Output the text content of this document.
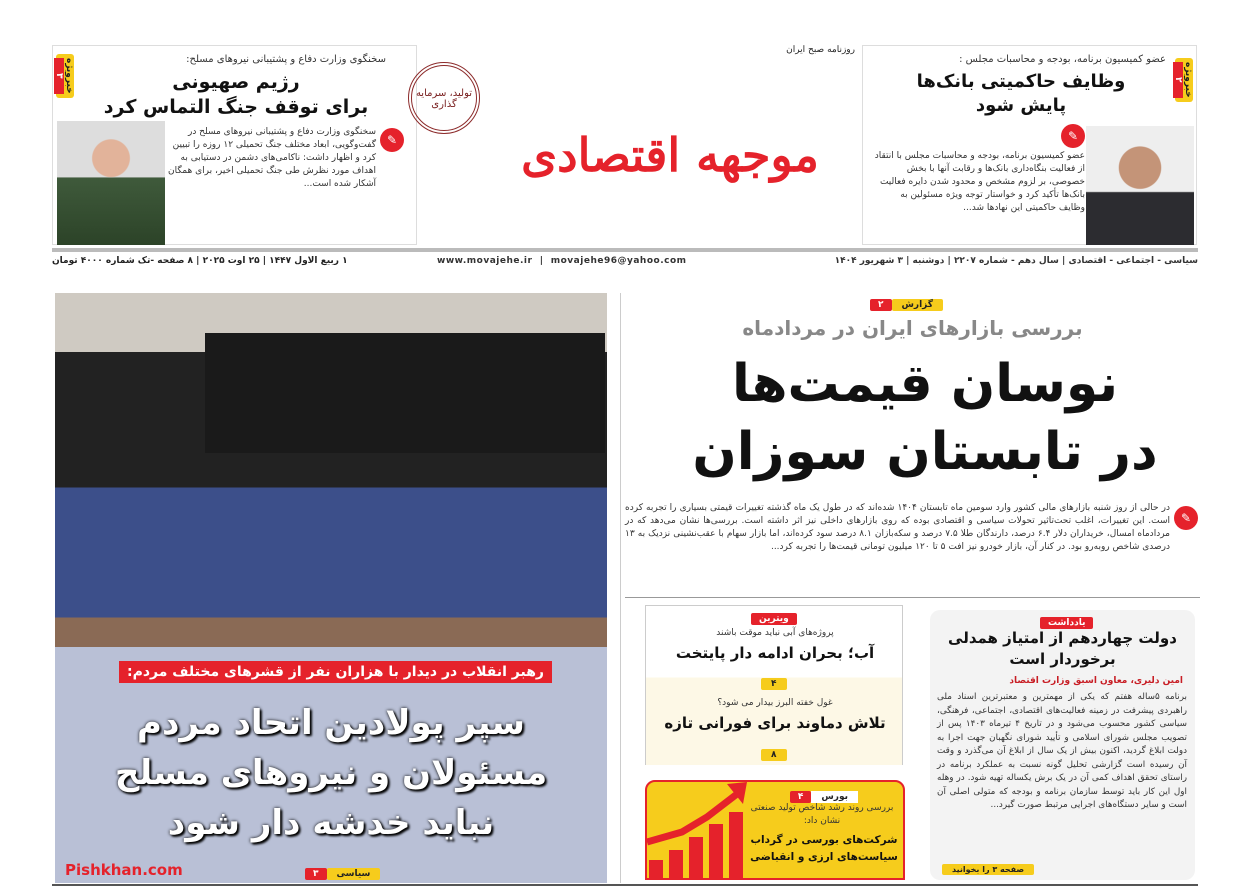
خبرویژه
۳
سخنگوی وزارت دفاع و پشتیبانی نیروهای مسلح:
رژیم صهیونی
برای توقف جنگ التماس کرد
✎
سخنگوی وزارت دفاع و پشتیبانی نیروهای مسلح در گفت‌وگویی، ابعاد مختلف جنگ تحمیلی ۱۲ روزه را تبیین کرد و اظهار داشت: ناکامی‌های دشمن در دستیابی به اهداف مورد نظرش طی جنگ تحمیلی اخیر، برای همگان آشکار شده است...
تولید، سرمایه گذاری
روزنامه صبح ایران
موجهه اقتصادی
خبرویژه
۲
عضو کمیسیون برنامه، بودجه و محاسبات مجلس :
وظایف حاکمیتی بانک‌ها
پایش شود
✎
عضو کمیسیون برنامه، بودجه و محاسبات مجلس با انتقاد از فعالیت بنگاه‌داری بانک‌ها و رقابت آنها با بخش خصوصی، بر لزوم مشخص و محدود شدن دایره فعالیت بانک‌ها تأکید کرد و خواستار توجه ویژه مسئولین به وظایف حاکمیتی این نهادها شد...
سیاسی - اجتماعی - اقتصادی | سال دهم - شماره ۲۲۰۷ | دوشنبه | ۳ شهریور ۱۴۰۴
www.movajehe.ir  |  movajehe96@yahoo.com
۱ ربیع الاول ۱۴۴۷ | ۲۵ اوت ۲۰۲۵ | ۸ صفحه -تک شماره ۴۰۰۰ تومان
رهبر انقلاب در دیدار با هزاران نفر از قشرهای مختلف مردم:
سپر پولادین اتحاد مردم
مسئولان و نیروهای مسلح
نباید خدشه دار شود
Pishkhan.com	۳ سیاسی
۲ گزارش
بررسی بازارهای ایران در مردادماه
نوسان قیمت‌ها
در تابستان سوزان
✎
در حالی از روز شنبه بازارهای مالی کشور وارد سومین ماه تابستان ۱۴۰۴ شده‌اند که در طول یک ماه گذشته تغییرات قیمتی بسیاری را تجربه کرده است. این تغییرات، اغلب تحت‌تاثیر تحولات سیاسی و اقتصادی بوده که روی بازارهای داخلی نیز اثر داشته است. بررسی‌ها نشان می‌دهد که در مردادماه امسال، خریداران دلار ۶.۴ درصد، دارندگان طلا ۷.۵ درصد و سکه‌بازان ۸.۱ درصد سود کرده‌اند، اما بازار سهام با عقب‌نشینی نزدیک به ۱۳ درصدی شاخص روبه‌رو بود. در کنار آن، بازار خودرو نیز افت ۵ تا ۱۲۰ میلیون تومانی قیمت‌ها را تجربه کرد...
یادداشت
دولت چهاردهم از امتیاز همدلی
برخوردار است
امین دلیری، معاون اسبق وزارت اقتصاد
برنامه ۵ساله هفتم که یکی از مهمترین و معتبرترین اسناد ملی راهبردی پیشرفت در زمینه فعالیت‌های اقتصادی، اجتماعی، فرهنگی، سیاسی کشور محسوب می‌شود و در تاریخ ۴ تیرماه ۱۴۰۳ پس از تصویب مجلس شورای اسلامی و تأیید شورای نگهبان جهت اجرا به دولت ابلاغ گردید، اکنون بیش از یک سال از ابلاغ آن می‌گذرد و وقت آن رسیده است گزارشی تحلیل گونه نسبت به عملکرد برنامه در راستای تحقق اهداف کمی آن در یک برش یکساله تهیه شود. در وهله اول این کار باید توسط سازمان برنامه و بودجه که متولی اصلی آن است و سایر دستگاه‌های اجرایی مرتبط صورت گیرد...
صفحه ۳ را بخوانید
ویترین
پروژه‌های آبی نباید موقت باشند
آب؛ بحران ادامه دار پایتخت
۴
غول خفته البرز بیدار می شود؟
تلاش دماوند برای فورانی تازه
۸
۴ بورس
بررسی روند رشد شاخص تولید صنعتی نشان داد:
شرکت‌های بورسی در گرداب
سیاست‌های ارزی و انقباضی
